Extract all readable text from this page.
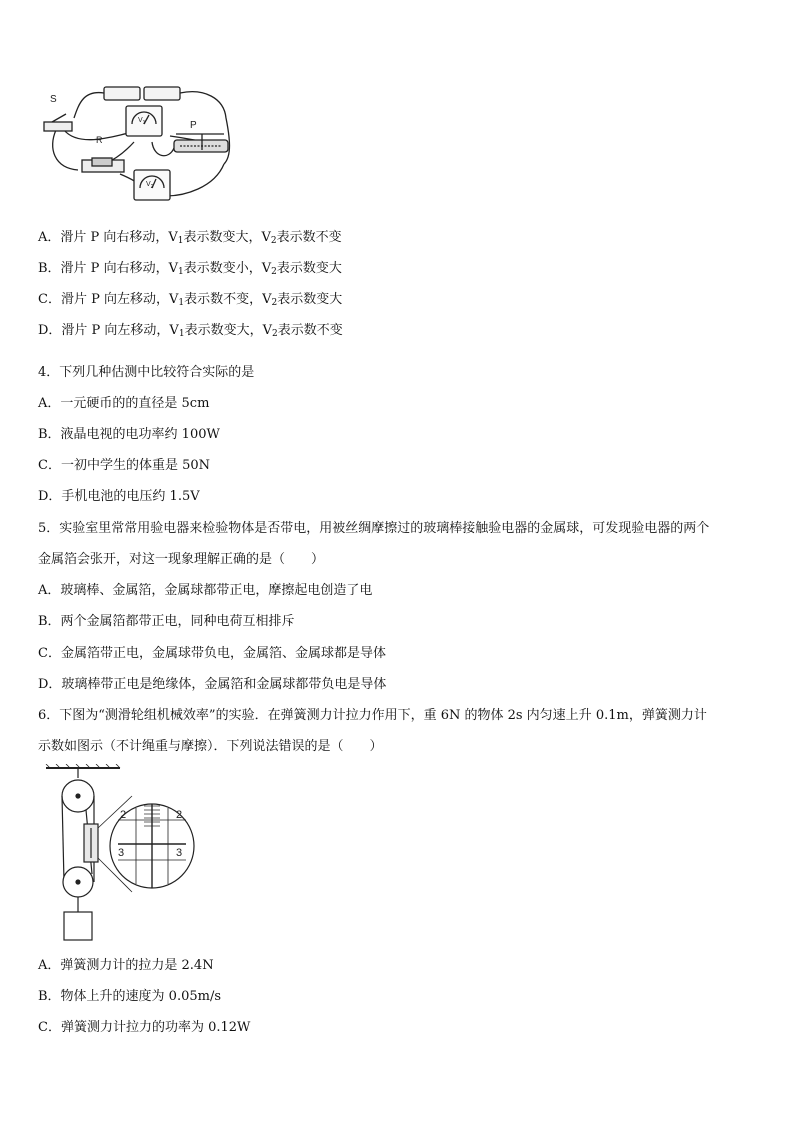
S
R
P
$V_1$
$V_2$
A．滑片 P 向右移动，$V_1$表示数变大，$V_2$表示数不变
B．滑片 P 向右移动，$V_1$表示数变小，$V_2$表示数变大
C．滑片 P 向左移动，$V_1$表示数不变，$V_2$表示数变大
D．滑片 P 向左移动，$V_1$表示数变大，$V_2$表示数不变
4．下列几种估测中比较符合实际的是
A．一元硬币的的直径是 5cm
B．液晶电视的电功率约 100W
C．一初中学生的体重是 50N
D．手机电池的电压约 1.5V
5．实验室里常常用验电器来检验物体是否带电，用被丝绸摩擦过的玻璃棒接触验电器的金属球，可发现验电器的两个
金属箔会张开，对这一现象理解正确的是（　　）
A．玻璃棒、金属箔，金属球都带正电，摩擦起电创造了电
B．两个金属箔都带正电，同种电荷互相排斥
C．金属箔带正电，金属球带负电，金属箔、金属球都是导体
D．玻璃棒带正电是绝缘体，金属箔和金属球都带负电是导体
6．下图为“测滑轮组机械效率”的实验．在弹簧测力计拉力作用下，重 6N 的物体 2s 内匀速上升 0.1m，弹簧测力计
示数如图示（不计绳重与摩擦）．下列说法错误的是（　　）
2	2
3	3
A．弹簧测力计的拉力是 2.4N
B．物体上升的速度为 0.05m/s
C．弹簧测力计拉力的功率为 0.12W
